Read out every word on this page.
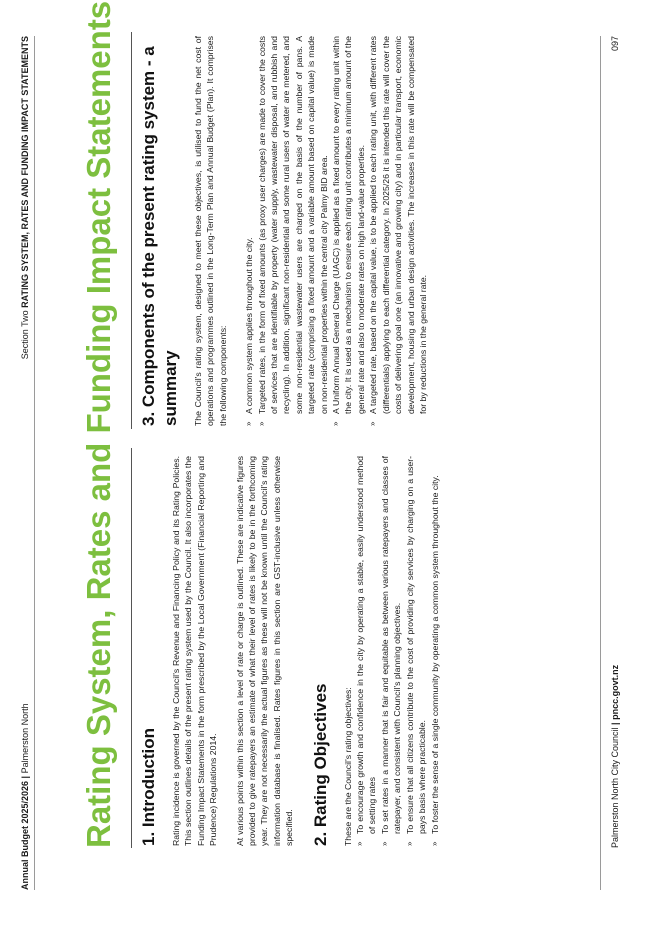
Annual Budget 2025/2026 | Palmerston North
Section Two RATING SYSTEM, RATES AND FUNDING IMPACT STATEMENTS Rating System, Rates and Funding Impact Statements 1. Introduction Rating incidence is governed by the Council’s Revenue and Financing Policy and its Rating Policies. This section outlines details of the present rating system used by the Council. It also incorporates the Funding Impact Statements in the form prescribed by the Local Government (Financial Reporting and Prudence) Regulations 2014. At various points within this section a level of rate or charge is outlined. These are indicative figures provided to give ratepayers an estimate of what their level of rates is likely to be in the forthcoming year. They are not necessarily the actual figures as these will not be known until the Council’s rating information database is finalised. Rates figures in this section are GST-inclusive unless otherwise specified. 2. Rating Objectives These are the Council’s rating objectives: »
To encourage growth and confidence in the city by operating a stable, easily understood method of setting rates
»
To set rates in a manner that is fair and equitable as between various ratepayers and classes of ratepayer, and consistent with Council’s planning objectives.
»
To ensure that all citizens contribute to the cost of providing city services by charging on a user-pays basis where practicable.
»
To foster the sense of a single community by operating a common system throughout the city.
3. Components of the present rating system - a summary The Council’s rating system, designed to meet these objectives, is utilised to fund the net cost of operations and programmes outlined in the Long-Term Plan and Annual Budget (Plan). It comprises the following components: »
A common system applies throughout the city.
»
Targeted rates, in the form of fixed amounts (as proxy user charges) are made to cover the costs of services that are identifiable by property (water supply, wastewater disposal, and rubbish and recycling). In addition, significant non-residential and some rural users of water are metered, and some non-residential wastewater users are charged on the basis of the number of pans. A targeted rate (comprising a fixed amount and a variable amount based on capital value) is made on non-residential properties within the central city Palmy BID area.
»
A Uniform Annual General Charge (UAGC) is applied as a fixed amount to every rating unit within the city. It is used as a mechanism to ensure each rating unit contributes a minimum amount of the general rate and also to moderate rates on high land-value properties.
»
A targeted rate, based on the capital value, is to be applied to each rating unit, with different rates (differentials) applying to each differential category. In 2025/26 it is intended this rate will cover the costs of delivering goal one (an innovative and growing city) and in particular transport, economic development, housing and urban design activities. The increases in this rate will be compensated for by reductions in the general rate.
Palmerston North City Council | pncc.govt.nz
097
